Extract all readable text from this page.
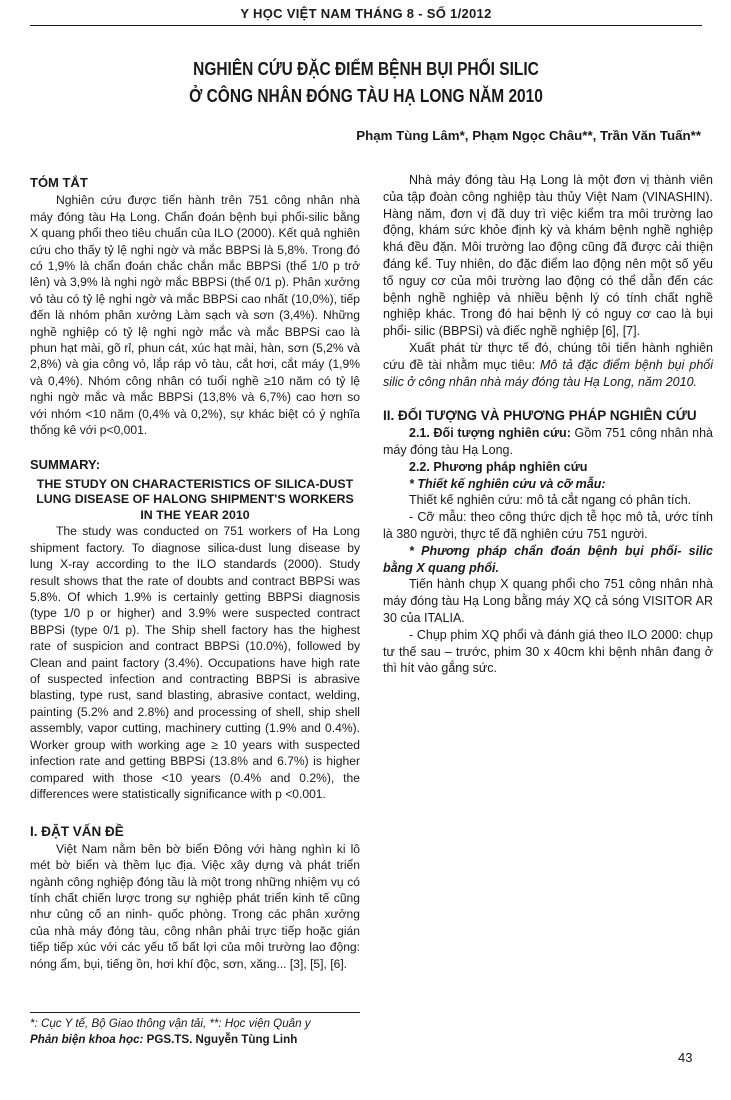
Y HỌC VIỆT NAM THÁNG 8 - SỐ 1/2012
NGHIÊN CỨU ĐẶC ĐIỂM BỆNH BỤI PHỔI SILIC
Ở CÔNG NHÂN ĐÓNG TÀU HẠ LONG NĂM 2010
Phạm Tùng Lâm*, Phạm Ngọc Châu**, Trần Văn Tuấn**
TÓM TẮT

Nghiên cứu được tiến hành trên 751 công nhân nhà máy đóng tàu Hạ Long. Chẩn đoán bệnh bụi phổi-silic bằng X quang phổi theo tiêu chuẩn của ILO (2000). Kết quả nghiên cứu cho thấy tỷ lệ nghi ngờ và mắc BBPSi là 5,8%. Trong đó có 1,9% là chẩn đoán chắc chắn mắc BBPSi (thể 1/0 p trở lên) và 3,9% là nghi ngờ mắc BBPSi (thể 0/1 p). Phân xưởng vỏ tàu có tỷ lệ nghi ngờ và mắc BBPSi cao nhất (10,0%), tiếp đến là nhóm phân xưởng Làm sạch và sơn (3,4%). Những nghề nghiệp có tỷ lệ nghi ngờ mắc và mắc BBPSi cao là phun hạt mài, gõ rỉ, phun cát, xúc hạt mài, hàn, sơn (5,2% và 2,8%) và gia công vỏ, lắp ráp vỏ tàu, cắt hơi, cắt máy (1,9% và 0,4%). Nhóm công nhân có tuổi nghề ≥10 năm có tỷ lệ nghi ngờ mắc và mắc BBPSi (13,8% và 6,7%) cao hơn so với nhóm <10 năm (0,4% và 0,2%), sự khác biệt có ý nghĩa thống kê với p<0,001.

SUMMARY:
THE STUDY ON CHARACTERISTICS OF SILICA-DUST LUNG DISEASE OF HALONG SHIPMENT'S WORKERS IN THE YEAR 2010

The study was conducted on 751 workers of Ha Long shipment factory. To diagnose silica-dust lung disease by lung X-ray according to the ILO standards (2000). Study result shows that the rate of doubts and contract BBPSi was 5.8%. Of which 1.9% is certainly getting BBPSi diagnosis (type 1/0 p or higher) and 3.9% were suspected contract BBPSi (type 0/1 p). The Ship shell factory has the highest rate of suspicion and contract BBPSi (10.0%), followed by Clean and paint factory (3.4%). Occupations have high rate of suspected infection and contracting BBPSi is abrasive blasting, type rust, sand blasting, abrasive contact, welding, painting (5.2% and 2.8%) and processing of shell, ship shell assembly, vapor cutting, machinery cutting (1.9% and 0.4%). Worker group with working age ≥ 10 years with suspected infection rate and getting BBPSi (13.8% and 6.7%) is higher compared with those <10 years (0.4% and 0.2%), the differences were statistically significance with p <0.001.

I. ĐẶT VẤN ĐỀ

Việt Nam nằm bên bờ biển Đông với hàng nghìn ki lô mét bờ biển và thềm lục địa. Việc xây dựng và phát triển ngành công nghiệp đóng tầu là một trong những nhiệm vụ có tính chất chiến lược trong sự nghiệp phát triển kinh tế cũng như củng cố an ninh- quốc phòng. Trong các phân xưởng của nhà máy đóng tàu, công nhân phải trực tiếp hoặc gián tiếp tiếp xúc với các yếu tố bất lợi của môi trường lao động: nóng ẩm, bụi, tiếng ồn, hơi khí độc, sơn, xăng... [3], [5], [6].

Nhà máy đóng tàu Hạ Long là một đơn vị thành viên của tập đoàn công nghiệp tàu thủy Việt Nam (VINASHIN). Hàng năm, đơn vị đã duy trì việc kiểm tra môi trường lao động, khám sức khỏe định kỳ và khám bệnh nghề nghiệp khá đều đặn. Môi trường lao động cũng đã được cải thiện đáng kể. Tuy nhiên, do đặc điểm lao động nên một số yếu tố nguy cơ của môi trường lao động có thể dẫn đến các bệnh nghề nghiệp và nhiều bệnh lý có tính chất nghề nghiệp khác. Trong đó hai bệnh lý có nguy cơ cao là bụi phổi- silic (BBPSi) và điếc nghề nghiệp [6], [7].

Xuất phát từ thực tế đó, chúng tôi tiến hành nghiên cứu đề tài nhằm mục tiêu: Mô tả đặc điểm bệnh bụi phổi silic ở công nhân nhà máy đóng tàu Hạ Long, năm 2010.

II. ĐỐI TƯỢNG VÀ PHƯƠNG PHÁP NGHIÊN CỨU

2.1. Đối tượng nghiên cứu: Gồm 751 công nhân nhà máy đóng tàu Hạ Long.

2.2. Phương pháp nghiên cứu

* Thiết kế nghiên cứu và cỡ mẫu:

Thiết kế nghiên cứu: mô tả cắt ngang có phân tích.

- Cỡ mẫu: theo công thức dịch tễ học mô tả, ước tính là 380 người, thực tế đã nghiên cứu 751 người.

* Phương pháp chẩn đoán bệnh bụi phổi- silic bằng X quang phổi.

Tiến hành chụp X quang phổi cho 751 công nhân nhà máy đóng tàu Hạ Long bằng máy XQ cả sóng VISITOR AR 30 của ITALIA.

- Chụp phim XQ phổi và đánh giá theo ILO 2000: chụp tư thế sau – trước, phim 30 x 40cm khi bệnh nhân đang ở thì hít vào gắng sức.

*: Cục Y tế, Bộ Giao thông vận tải, **: Học viện Quân y
Phản biện khoa học: PGS.TS. Nguyễn Tùng Linh
43
